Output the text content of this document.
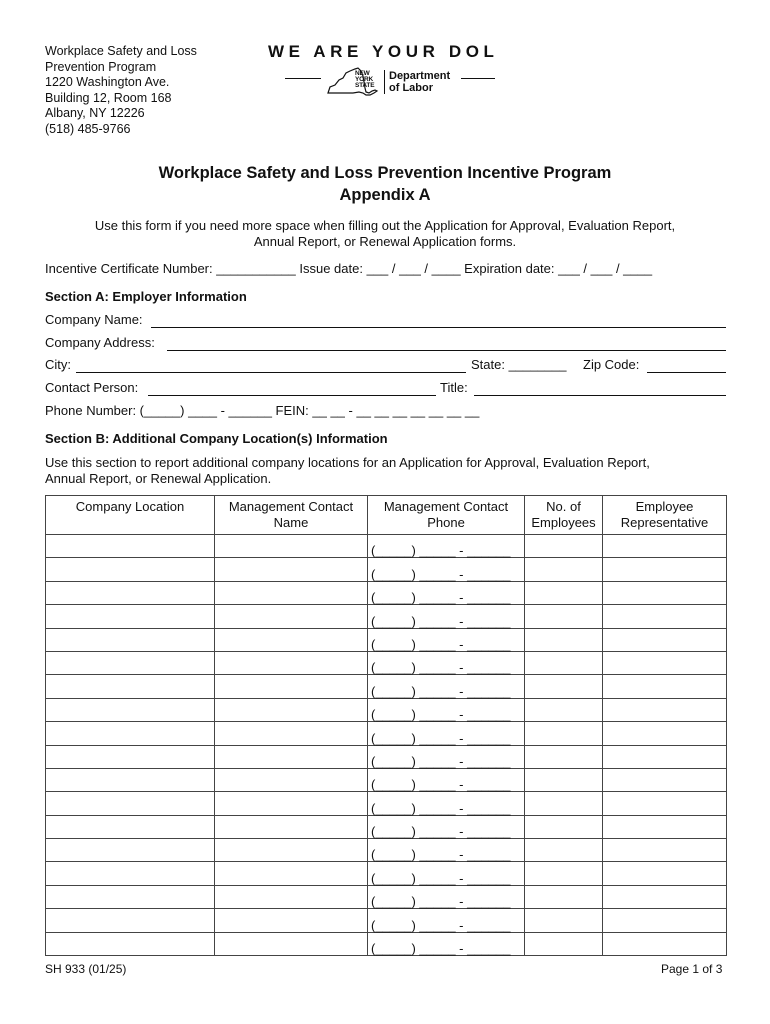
Workplace Safety and Loss
Prevention Program
1220 Washington Ave.
Building 12, Room 168
Albany, NY 12226
(518) 485-9766
WE ARE YOUR DOL
NEW
YORK
STATE
Department
of Labor
Workplace Safety and Loss Prevention Incentive Program
Appendix A
Use this form if you need more space when filling out the Application for Approval, Evaluation Report,
Annual Report, or Renewal Application forms.
Incentive Certificate Number: ___________ Issue date: ___ / ___ / ____ Expiration date: ___ / ___ / ____
Section A: Employer Information
Company Name:
Company Address:
City:	State: ________ Zip Code:
Contact Person:	Title:
Phone Number: (_____) ____ - ______ FEIN: __ __ - __ __ __ __ __ __ __
Section B: Additional Company Location(s) Information
Use this section to report additional company locations for an Application for Approval, Evaluation Report,
Annual Report, or Renewal Application.
Company Location	Management Contact Name	Management Contact Phone	No. of Employees	Employee Representative
		(_____) _____ - ______		
		(_____) _____ - ______		
		(_____) _____ - ______		
		(_____) _____ - ______		
		(_____) _____ - ______		
		(_____) _____ - ______		
		(_____) _____ - ______		
		(_____) _____ - ______		
		(_____) _____ - ______		
		(_____) _____ - ______		
		(_____) _____ - ______		
		(_____) _____ - ______		
		(_____) _____ - ______		
		(_____) _____ - ______		
		(_____) _____ - ______		
		(_____) _____ - ______		
		(_____) _____ - ______		
		(_____) _____ - ______		
SH 933 (01/25)	Page 1 of 3
